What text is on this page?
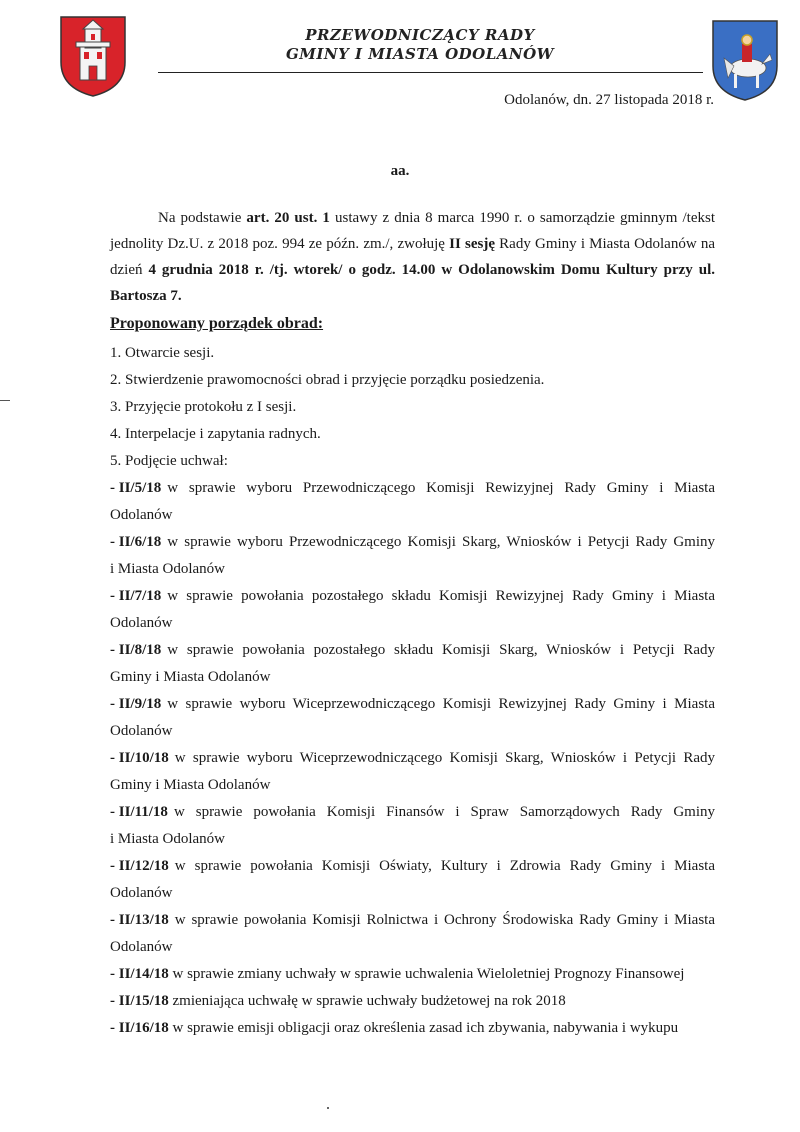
PRZEWODNICZĄCY RADY
GMINY I MIASTA ODOLANÓW
Odolanów, dn. 27 listopada 2018 r.
aa.

Na podstawie art. 20 ust. 1 ustawy z dnia 8 marca 1990 r. o samorządzie gminnym /tekst jednolity Dz.U. z 2018 poz. 994 ze późn. zm./, zwołuję II sesję Rady Gminy i Miasta Odolanów na dzień 4 grudnia 2018 r. /tj. wtorek/ o godz. 14.00 w Odolanowskim Domu Kultury przy ul. Bartosza 7.

Proponowany porządek obrad:

1. Otwarcie sesji.
2. Stwierdzenie prawomocności obrad i przyjęcie porządku posiedzenia.
3. Przyjęcie protokołu z I sesji.
4. Interpelacje i zapytania radnych.
5. Podjęcie uchwał:
- II/5/18 w sprawie wyboru Przewodniczącego Komisji Rewizyjnej Rady Gminy i Miasta
Odolanów
- II/6/18 w sprawie wyboru Przewodniczącego Komisji Skarg, Wniosków i Petycji Rady Gminy
i Miasta Odolanów
- II/7/18 w sprawie powołania pozostałego składu Komisji Rewizyjnej Rady Gminy i Miasta
Odolanów
- II/8/18 w sprawie powołania pozostałego składu Komisji Skarg, Wniosków i Petycji Rady
Gminy i Miasta Odolanów
- II/9/18 w sprawie wyboru Wiceprzewodniczącego Komisji Rewizyjnej Rady Gminy i Miasta
Odolanów
- II/10/18 w sprawie wyboru Wiceprzewodniczącego Komisji Skarg, Wniosków i Petycji Rady
Gminy i Miasta Odolanów
- II/11/18 w sprawie powołania Komisji Finansów i Spraw Samorządowych Rady Gminy
i Miasta Odolanów
- II/12/18 w sprawie powołania Komisji Oświaty, Kultury i Zdrowia Rady Gminy i Miasta
Odolanów
- II/13/18 w sprawie powołania Komisji Rolnictwa i Ochrony Środowiska Rady Gminy i Miasta
Odolanów
- II/14/18 w sprawie zmiany uchwały w sprawie uchwalenia Wieloletniej Prognozy Finansowej
- II/15/18 zmieniająca uchwałę w sprawie uchwały budżetowej na rok 2018
- II/16/18 w sprawie emisji obligacji oraz określenia zasad ich zbywania, nabywania i wykupu
